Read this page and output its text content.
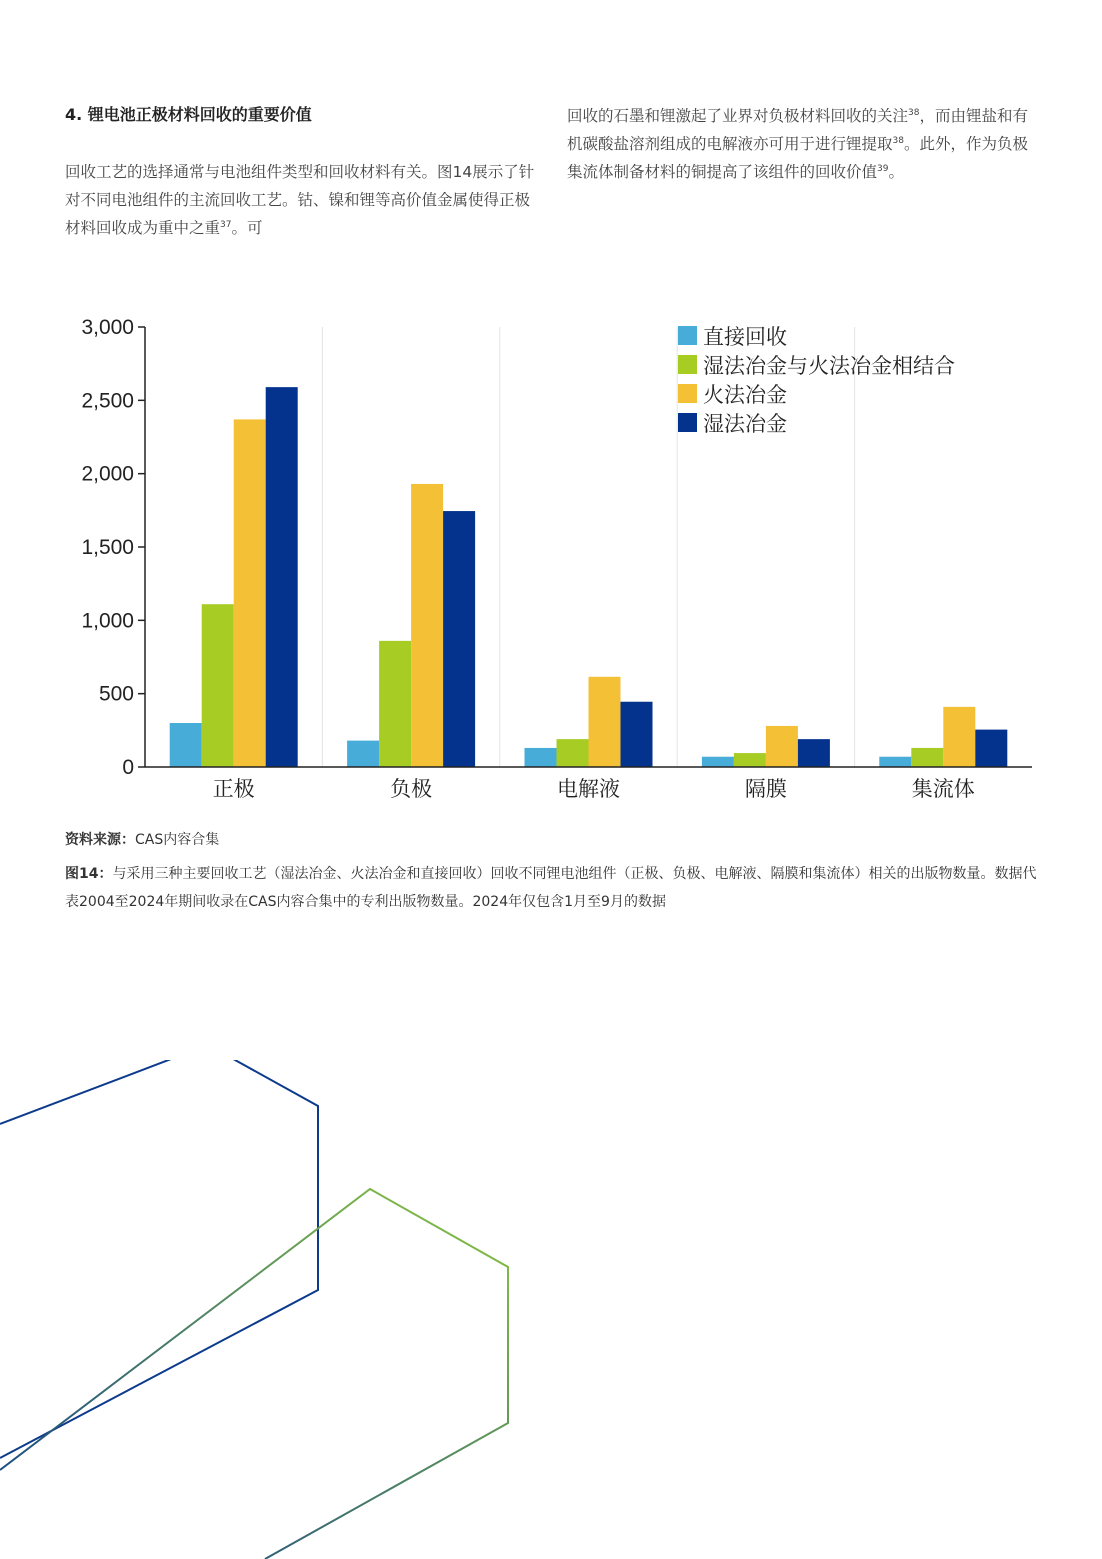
4. 锂电池正极材料回收的重要价值

回收工艺的选择通常与电池组件类型和回收材料有关。图14展示了针对不同电池组件的主流回收工艺。钴、镍和锂等高价值金属使得正极材料回收成为重中之重$^{37}$。可

回收的石墨和锂激起了业界对负极材料回收的关注$^{38}$，而由锂盐和有机碳酸盐溶剂组成的电解液亦可用于进行锂提取$^{38}$。此外，作为负极集流体制备材料的铜提高了该组件的回收价值$^{39}$。

0
500
1,000
1,500
2,000
2,500
3,000
正极	负极	电解液	隔膜	集流体
直接回收
湿法冶金与火法冶金相结合
火法冶金
湿法冶金

资料来源：CAS内容合集

图14：与采用三种主要回收工艺（湿法冶金、火法冶金和直接回收）回收不同锂电池组件（正极、负极、电解液、隔膜和集流体）相关的出版物数量。数据代表2004至2024年期间收录在CAS内容合集中的专利出版物数量。2024年仅包含1月至9月的数据
